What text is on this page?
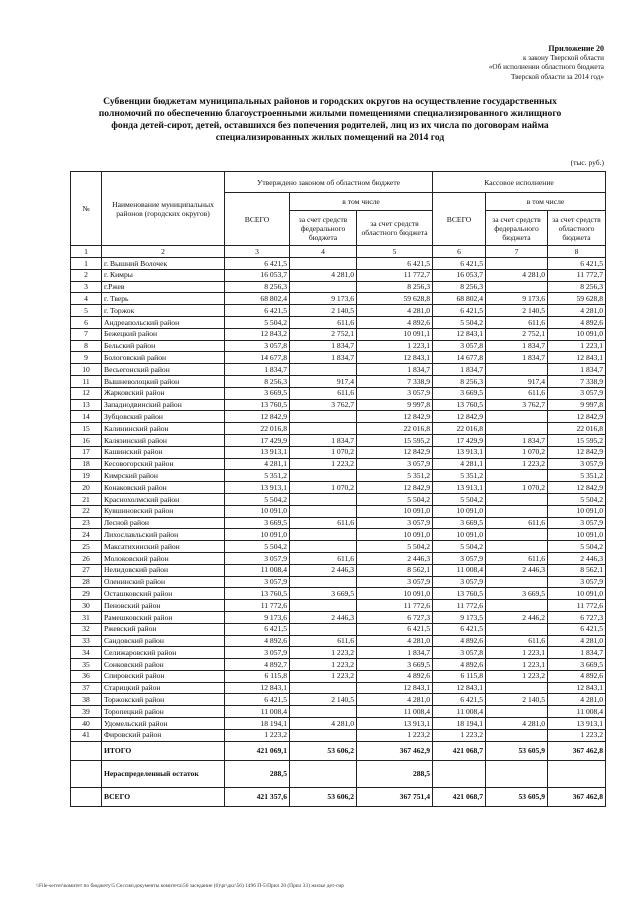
Приложение 20
к закону Тверской области
«Об исполнении областного бюджета
Тверской области за 2014 год»
Субвенции бюджетам муниципальных районов и городских округов на осуществление государственных
полномочий по обеспечению благоустроенными жилыми помещениями специализированного жилищного
фонда детей-сирот, детей, оставшихся без попечения родителей, лиц из их числа по договорам найма
специализированных жилых помещений на 2014 год
(тыс. руб.)
№	Наименование муниципальных районов (городских округов)	Утверждено законом об областном бюджете			Кассовое исполнение		
		ВСЕГО	в том числе		ВСЕГО	в том числе	
			за счет средств федерального бюджета	за счет средств областного бюджета		за счет средств федерального бюджета	за счет средств областного бюджета
1	2	3	4	5	6	7	8
1	г. Вышний Волочек	6 421,5		6 421,5	6 421,5		6 421,5
2	г. Кимры	16 053,7	4 281,0	11 772,7	16 053,7	4 281,0	11 772,7
3	г.Ржев	8 256,3		8 256,3	8 256,3		8 256,3
4	г. Тверь	68 802,4	9 173,6	59 628,8	68 802,4	9 173,6	59 628,8
5	г. Торжок	6 421,5	2 140,5	4 281,0	6 421,5	2 140,5	4 281,0
6	Андреапольский район	5 504,2	611,6	4 892,6	5 504,2	611,6	4 892,6
7	Бежецкий район	12 843,2	2 752,1	10 091,1	12 843,1	2 752,1	10 091,0
8	Бельский район	3 057,8	1 834,7	1 223,1	3 057,8	1 834,7	1 223,1
9	Бологовский район	14 677,8	1 834,7	12 843,1	14 677,8	1 834,7	12 843,1
10	Весьегонский район	1 834,7		1 834,7	1 834,7		1 834,7
11	Вышневолоцкий район	8 256,3	917,4	7 338,9	8 256,3	917,4	7 338,9
12	Жарковский район	3 669,5	611,6	3 057,9	3 669,5	611,6	3 057,9
13	Западнодвинский район	13 760,5	3 762,7	9 997,8	13 760,5	3 762,7	9 997,8
14	Зубцовский район	12 842,9		12 842,9	12 842,9		12 842,9
15	Калининский район	22 016,8		22 016,8	22 016,8		22 016,8
16	Калязинский район	17 429,9	1 834,7	15 595,2	17 429,9	1 834,7	15 595,2
17	Кашинский район	13 913,1	1 070,2	12 842,9	13 913,1	1 070,2	12 842,9
18	Кесовогорский район	4 281,1	1 223,2	3 057,9	4 281,1	1 223,2	3 057,9
19	Кимрский район	5 351,2		5 351,2	5 351,2		5 351,2
20	Конаковский район	13 913,1	1 070,2	12 842,9	13 913,1	1 070,2	12 842,9
21	Краснохолмский район	5 504,2		5 504,2	5 504,2		5 504,2
22	Кувшиновский район	10 091,0		10 091,0	10 091,0		10 091,0
23	Лесной район	3 669,5	611,6	3 057,9	3 669,5	611,6	3 057,9
24	Лихославльский район	10 091,0		10 091,0	10 091,0		10 091,0
25	Максатихинский район	5 504,2		5 504,2	5 504,2		5 504,2
26	Молоковский район	3 057,9	611,6	2 446,3	3 057,9	611,6	2 446,3
27	Нелидовский район	11 008,4	2 446,3	8 562,1	11 008,4	2 446,3	8 562,1
28	Оленинский район	3 057,9		3 057,9	3 057,9		3 057,9
29	Осташковский район	13 760,5	3 669,5	10 091,0	13 760,5	3 669,5	10 091,0
30	Пеновский район	11 772,6		11 772,6	11 772,6		11 772,6
31	Рамешковский район	9 173,6	2 446,3	6 727,3	9 173,5	2 446,2	6 727,3
32	Ржевский район	6 421,5		6 421,5	6 421,5		6 421,5
33	Сандовский район	4 892,6	611,6	4 281,0	4 892,6	611,6	4 281,0
34	Селижаровский район	3 057,9	1 223,2	1 834,7	3 057,8	1 223,1	1 834,7
35	Сонковский район	4 892,7	1 223,2	3 669,5	4 892,6	1 223,1	3 669,5
36	Спировский район	6 115,8	1 223,2	4 892,6	6 115,8	1 223,2	4 892,6
37	Старицкий район	12 843,1		12 843,1	12 843,1		12 843,1
38	Торжокский район	6 421,5	2 140,5	4 281,0	6 421,5	2 140,5	4 281,0
39	Торопецкий район	11 008,4		11 008,4	11 008,4		11 008,4
40	Удомельский район	18 194,1	4 281,0	13 913,1	18 194,1	4 281,0	13 913,1
41	Фировский район	1 223,2		1 223,2	1 223,2		1 223,2
	ИТОГО	421 069,1	53 606,2	367 462,9	421 068,7	53 605,9	367 462,8
	Нераспределенный остаток	288,5		288,5			
	ВСЕГО	421 357,6	53 606,2	367 751,4	421 068,7	53 605,9	367 462,8
\\File-server\комитет по бюджету\5 Сессия\документы комитета\56 заседание (6)\pr\дкс\56) 1496 П-5\Прил 20 (Прил 33) жилье дет-сир
